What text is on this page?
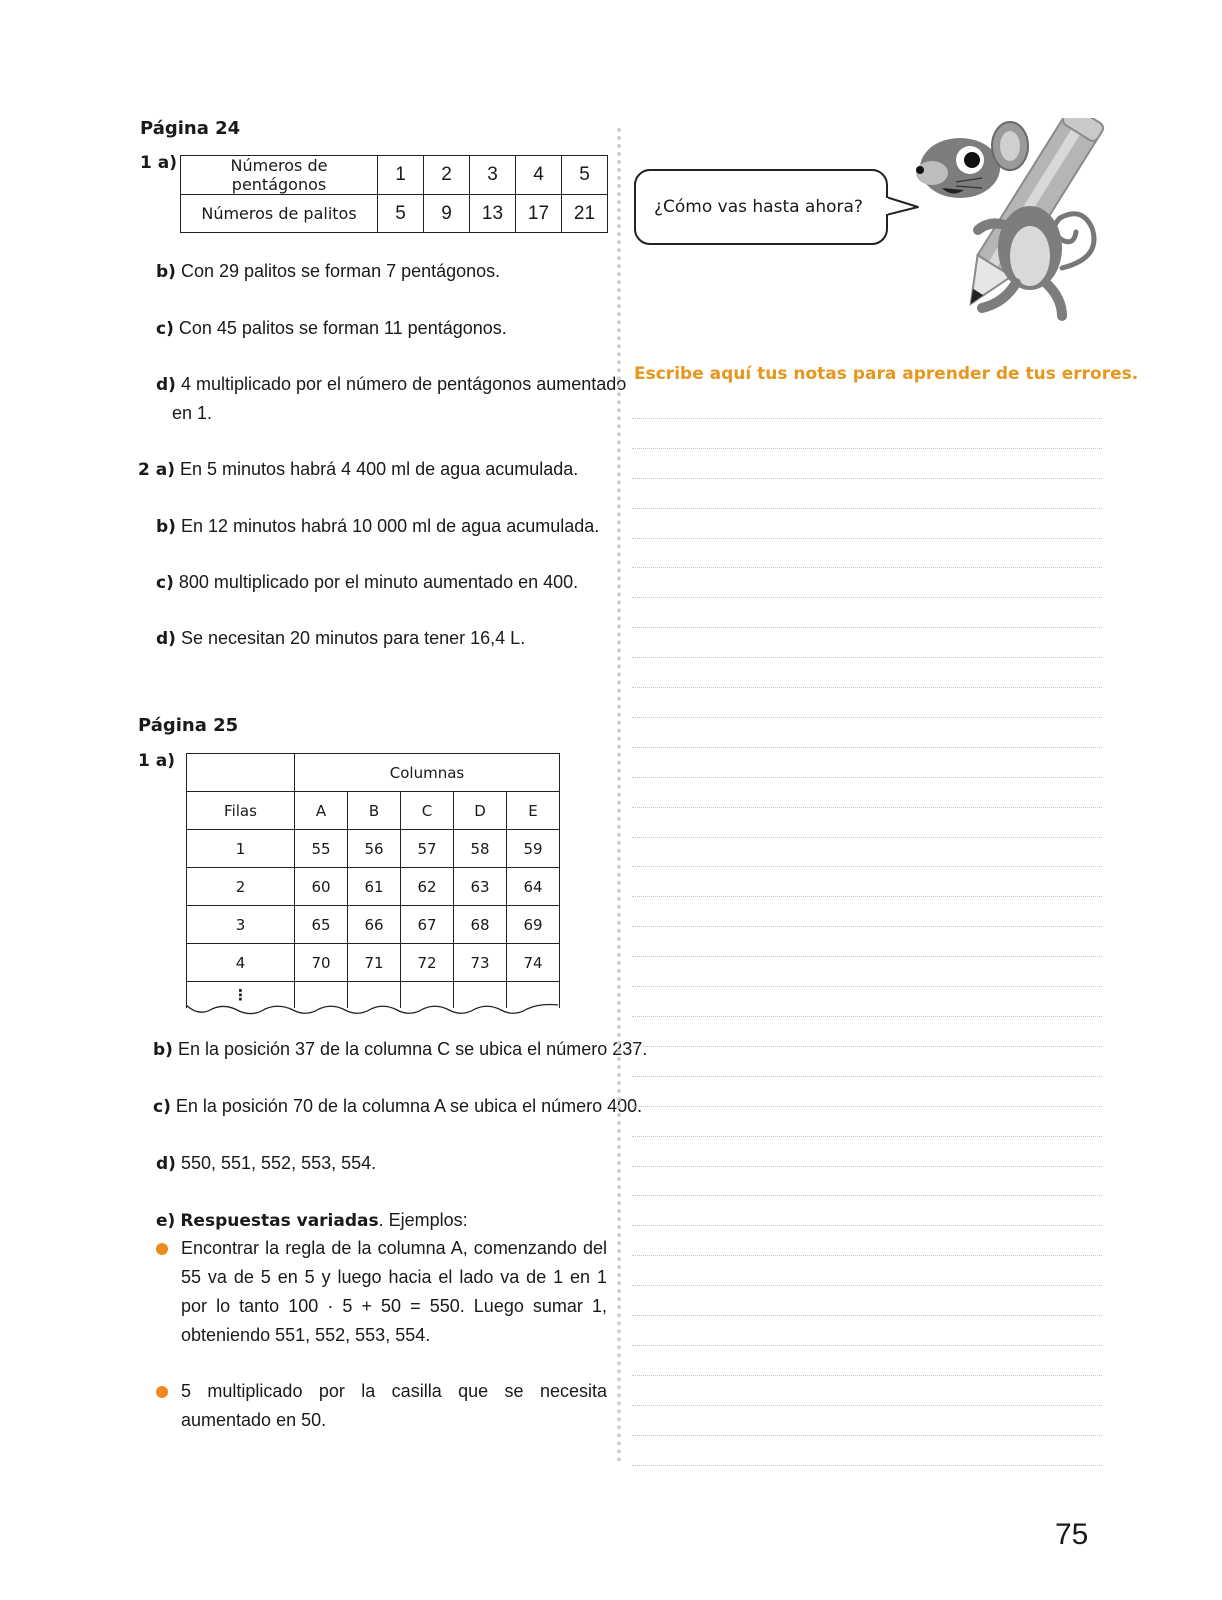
Página 24
1 a)	Números de pentágonos	1	2	3	4	5
Números de palitos	5	9	13	17	21
b) Con 29 palitos se forman 7 pentágonos.
c) Con 45 palitos se forman 11 pentágonos.
d) 4 multiplicado por el número de pentágonos aumentado
en 1.
2 a) En 5 minutos habrá 4 400 ml de agua acumulada.
b) En 12 minutos habrá 10 000 ml de agua acumulada.
c) 800 multiplicado por el minuto aumentado en 400.
d) Se necesitan 20 minutos para tener 16,4 L.
Página 25
1 a)
	Columnas				
Filas	A	B	C	D	E
1	55	56	57	58	59
2	60	61	62	63	64
3	65	66	67	68	69
4	70	71	72	73	74
⋮					
b) En la posición 37 de la columna C se ubica el número 237.
c) En la posición 70 de la columna A se ubica el número 400.
d) 550, 551, 552, 553, 554.
e) Respuestas variadas. Ejemplos:
Encontrar la regla de la columna A, comenzando del 55 va de 5 en 5 y luego hacia el lado va de 1 en 1 por lo tanto 100 · 5 + 50 = 550. Luego sumar 1, obteniendo 551, 552, 553, 554.
5 multiplicado por la casilla que se necesita aumentado en 50.
¿Cómo vas hasta ahora?
Escribe aquí tus notas para aprender de tus errores.
75
